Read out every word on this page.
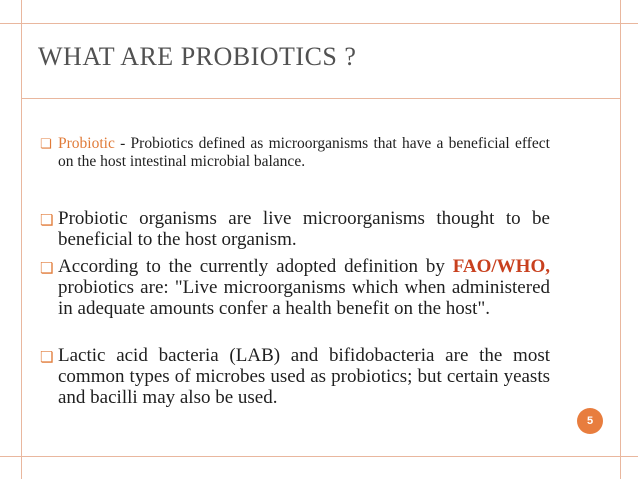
WHAT ARE PROBIOTICS ?
❏ Probiotic - Probiotics defined as microorganisms that have a beneficial effect on the host intestinal microbial balance.
❏ Probiotic organisms are live microorganisms thought to be beneficial to the host organism.
❏ According to the currently adopted definition by FAO/WHO, probiotics are: "Live microorganisms which when administered in adequate amounts confer a health benefit on the host".
❏ Lactic acid bacteria (LAB) and bifidobacteria are the most common types of microbes used as probiotics; but certain yeasts and bacilli may also be used.
5
